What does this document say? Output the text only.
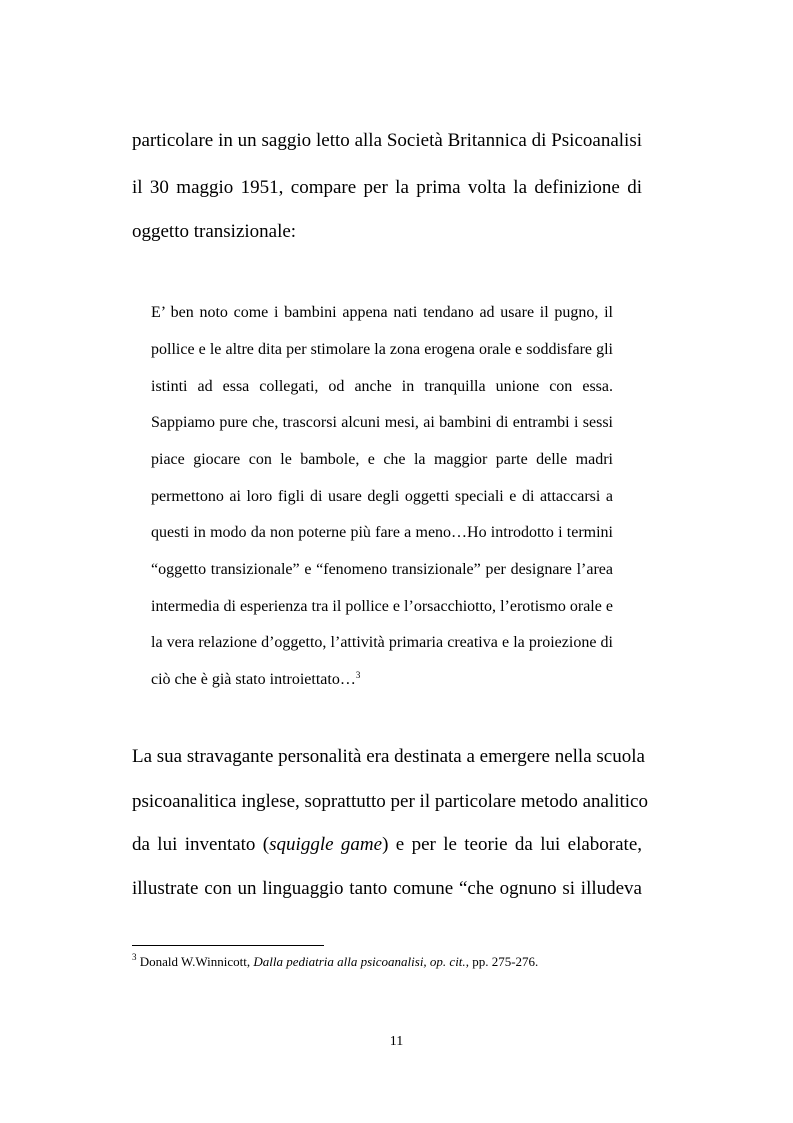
particolare in un saggio letto alla Società Britannica di Psicoanalisi

il 30 maggio 1951, compare per la prima volta la definizione di

oggetto transizionale:

E’ ben noto come i bambini appena nati tendano ad usare il pugno, il

pollice e le altre dita per stimolare la zona erogena orale e soddisfare gli

istinti ad essa collegati, od anche in tranquilla unione con essa.

Sappiamo pure che, trascorsi alcuni mesi, ai bambini di entrambi i sessi

piace giocare con le bambole, e che la maggior parte delle madri

permettono ai loro figli di usare degli oggetti speciali e di attaccarsi a

questi in modo da non poterne più fare a meno…Ho introdotto i termini

“oggetto transizionale” e “fenomeno transizionale” per designare l’area

intermedia di esperienza tra il pollice e l’orsacchiotto, l’erotismo orale e

la vera relazione d’oggetto, l’attività primaria creativa e la proiezione di

ciò che è già stato introiettato…$^3$

La sua stravagante personalità era destinata a emergere nella scuola

psicoanalitica inglese, soprattutto per il particolare metodo analitico

da lui inventato (squiggle game) e per le teorie da lui elaborate,

illustrate con un linguaggio tanto comune “che ognuno si illudeva

$^3$ Donald W.Winnicott, Dalla pediatria alla psicoanalisi, op. cit., pp. 275-276.
11
